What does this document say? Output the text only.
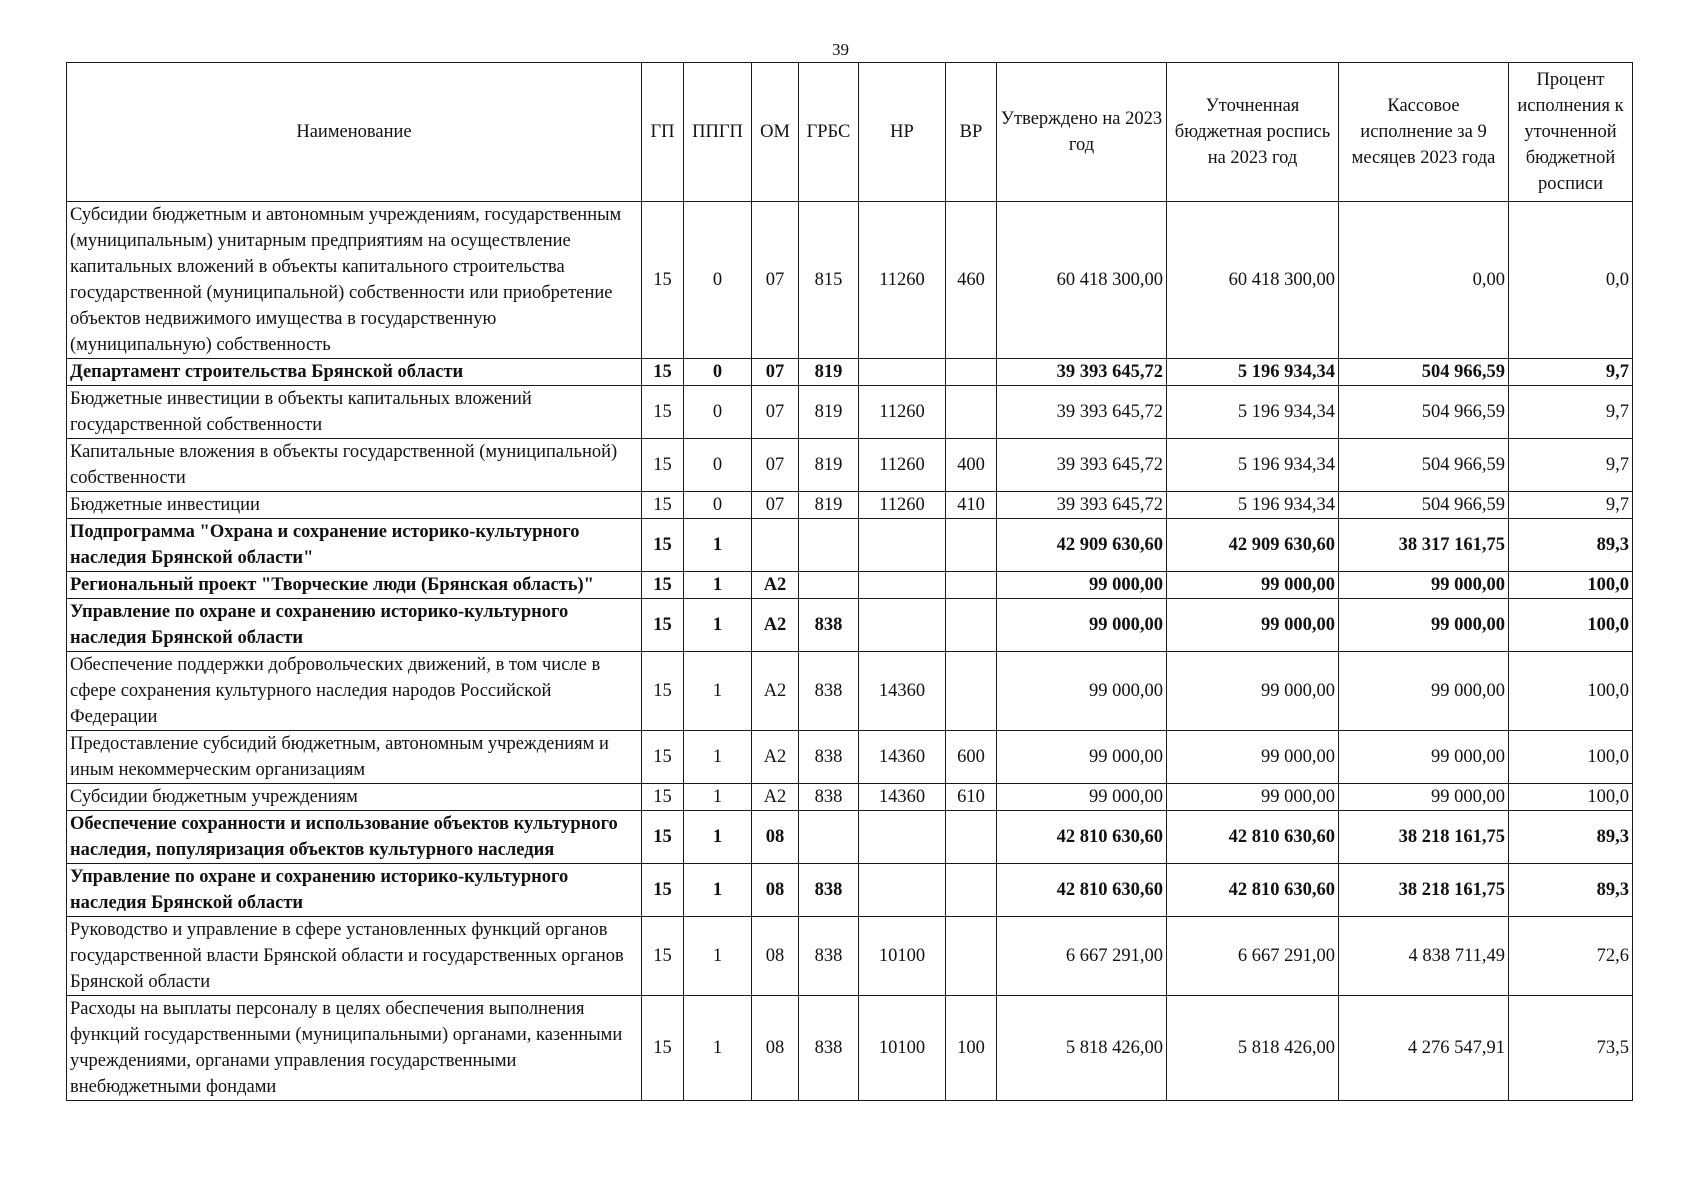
39
Наименование	ГП	ППГП	ОМ	ГРБС	НР	ВР	Утверждено на 2023 год	Уточненная бюджетная роспись на 2023 год	Кассовое исполнение за 9 месяцев 2023 года	Процент исполнения к уточненной бюджетной росписи
Субсидии бюджетным и автономным учреждениям, государственным (муниципальным) унитарным предприятиям на осуществление капитальных вложений в объекты капитального строительства государственной (муниципальной) собственности или приобретение объектов недвижимого имущества в государственную (муниципальную) собственность	15	0	07	815	11260	460	60 418 300,00	60 418 300,00	0,00	0,0
Департамент строительства Брянской области	15	0	07	819			39 393 645,72	5 196 934,34	504 966,59	9,7
Бюджетные инвестиции в объекты капитальных вложений государственной собственности	15	0	07	819	11260		39 393 645,72	5 196 934,34	504 966,59	9,7
Капитальные вложения в объекты государственной (муниципальной) собственности	15	0	07	819	11260	400	39 393 645,72	5 196 934,34	504 966,59	9,7
Бюджетные инвестиции	15	0	07	819	11260	410	39 393 645,72	5 196 934,34	504 966,59	9,7
Подпрограмма "Охрана и сохранение историко-культурного наследия Брянской области"	15	1					42 909 630,60	42 909 630,60	38 317 161,75	89,3
Региональный проект "Творческие люди (Брянская область)"	15	1	А2				99 000,00	99 000,00	99 000,00	100,0
Управление по охране и сохранению историко-культурного наследия Брянской области	15	1	А2	838			99 000,00	99 000,00	99 000,00	100,0
Обеспечение поддержки добровольческих движений, в том числе в сфере сохранения культурного наследия народов Российской Федерации	15	1	А2	838	14360		99 000,00	99 000,00	99 000,00	100,0
Предоставление субсидий бюджетным, автономным учреждениям и иным некоммерческим организациям	15	1	А2	838	14360	600	99 000,00	99 000,00	99 000,00	100,0
Субсидии бюджетным учреждениям	15	1	А2	838	14360	610	99 000,00	99 000,00	99 000,00	100,0
Обеспечение сохранности и использование объектов культурного наследия, популяризация объектов культурного наследия	15	1	08				42 810 630,60	42 810 630,60	38 218 161,75	89,3
Управление по охране и сохранению историко-культурного наследия Брянской области	15	1	08	838			42 810 630,60	42 810 630,60	38 218 161,75	89,3
Руководство и управление в сфере установленных функций органов государственной власти Брянской области и государственных органов Брянской области	15	1	08	838	10100		6 667 291,00	6 667 291,00	4 838 711,49	72,6
Расходы на выплаты персоналу в целях обеспечения выполнения функций государственными (муниципальными) органами, казенными учреждениями, органами управления государственными внебюджетными фондами	15	1	08	838	10100	100	5 818 426,00	5 818 426,00	4 276 547,91	73,5
